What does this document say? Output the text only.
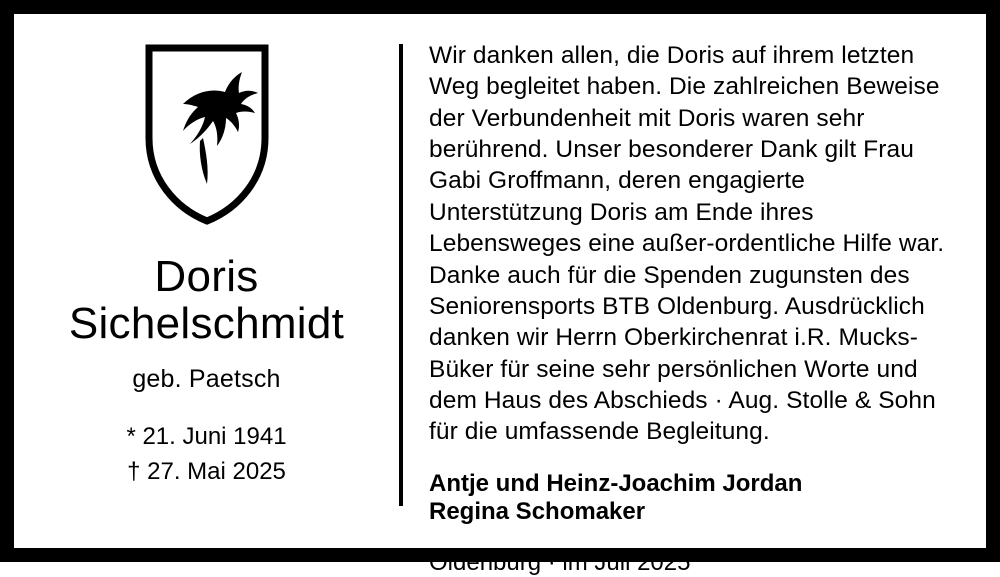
Doris
Sichelschmidt
geb. Paetsch
* 21. Juni 1941
† 27. Mai 2025

Wir danken allen, die Doris auf ihrem letzten Weg begleitet haben. Die zahlreichen Beweise der Verbundenheit mit Doris waren sehr berührend. Unser besonderer Dank gilt Frau Gabi Groffmann, deren engagierte Unterstützung Doris am Ende ihres Lebensweges eine außer-ordentliche Hilfe war. Danke auch für die Spenden zugunsten des Seniorensports BTB Oldenburg. Ausdrücklich danken wir Herrn Oberkirchenrat i.R. Mucks-Büker für seine sehr persönlichen Worte und dem Haus des Abschieds · Aug. Stolle & Sohn für die umfassende Begleitung.

Antje und Heinz-Joachim Jordan
Regina Schomaker
Oldenburg · im Juli 2025
